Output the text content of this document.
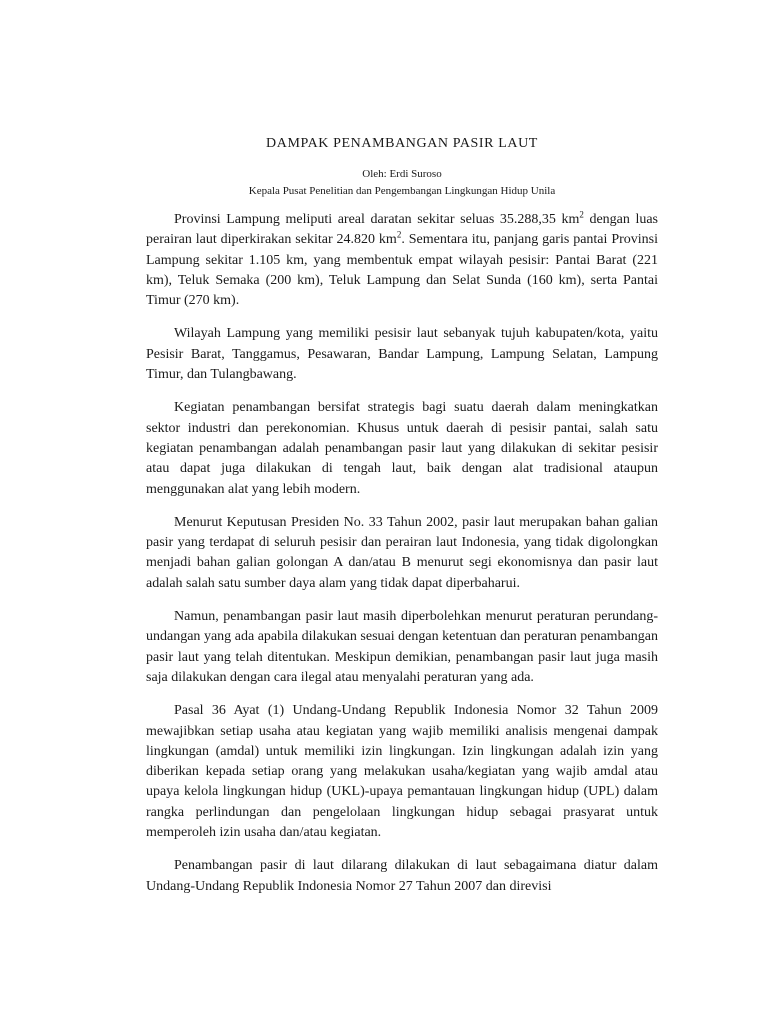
DAMPAK PENAMBANGAN PASIR LAUT
Oleh: Erdi Suroso
Kepala Pusat Penelitian dan Pengembangan Lingkungan Hidup Unila

Provinsi Lampung meliputi areal daratan sekitar seluas 35.288,35 $km^2$ dengan luas perairan laut diperkirakan sekitar 24.820 $km^2$. Sementara itu, panjang garis pantai Provinsi Lampung sekitar 1.105 km, yang membentuk empat wilayah pesisir: Pantai Barat (221 km), Teluk Semaka (200 km), Teluk Lampung dan Selat Sunda (160 km), serta Pantai Timur (270 km).

Wilayah Lampung yang memiliki pesisir laut sebanyak tujuh kabupaten/kota, yaitu Pesisir Barat, Tanggamus, Pesawaran, Bandar Lampung, Lampung Selatan, Lampung Timur, dan Tulangbawang.

Kegiatan penambangan bersifat strategis bagi suatu daerah dalam meningkatkan sektor industri dan perekonomian. Khusus untuk daerah di pesisir pantai, salah satu kegiatan penambangan adalah penambangan pasir laut yang dilakukan di sekitar pesisir atau dapat juga dilakukan di tengah laut, baik dengan alat tradisional ataupun menggunakan alat yang lebih modern.

Menurut Keputusan Presiden No. 33 Tahun 2002, pasir laut merupakan bahan galian pasir yang terdapat di seluruh pesisir dan perairan laut Indonesia, yang tidak digolongkan menjadi bahan galian golongan A dan/atau B menurut segi ekonomisnya dan pasir laut adalah salah satu sumber daya alam yang tidak dapat diperbaharui.

Namun, penambangan pasir laut masih diperbolehkan menurut peraturan perundang-undangan yang ada apabila dilakukan sesuai dengan ketentuan dan peraturan penambangan pasir laut yang telah ditentukan. Meskipun demikian, penambangan pasir laut juga masih saja dilakukan dengan cara ilegal atau menyalahi peraturan yang ada.

Pasal 36 Ayat (1) Undang-Undang Republik Indonesia Nomor 32 Tahun 2009 mewajibkan setiap usaha atau kegiatan yang wajib memiliki analisis mengenai dampak lingkungan (amdal) untuk memiliki izin lingkungan. Izin lingkungan adalah izin yang diberikan kepada setiap orang yang melakukan usaha/kegiatan yang wajib amdal atau upaya kelola lingkungan hidup (UKL)-upaya pemantauan lingkungan hidup (UPL) dalam rangka perlindungan dan pengelolaan lingkungan hidup sebagai prasyarat untuk memperoleh izin usaha dan/atau kegiatan.

Penambangan pasir di laut dilarang dilakukan di laut sebagaimana diatur dalam Undang-Undang Republik Indonesia Nomor 27 Tahun 2007 dan direvisi
